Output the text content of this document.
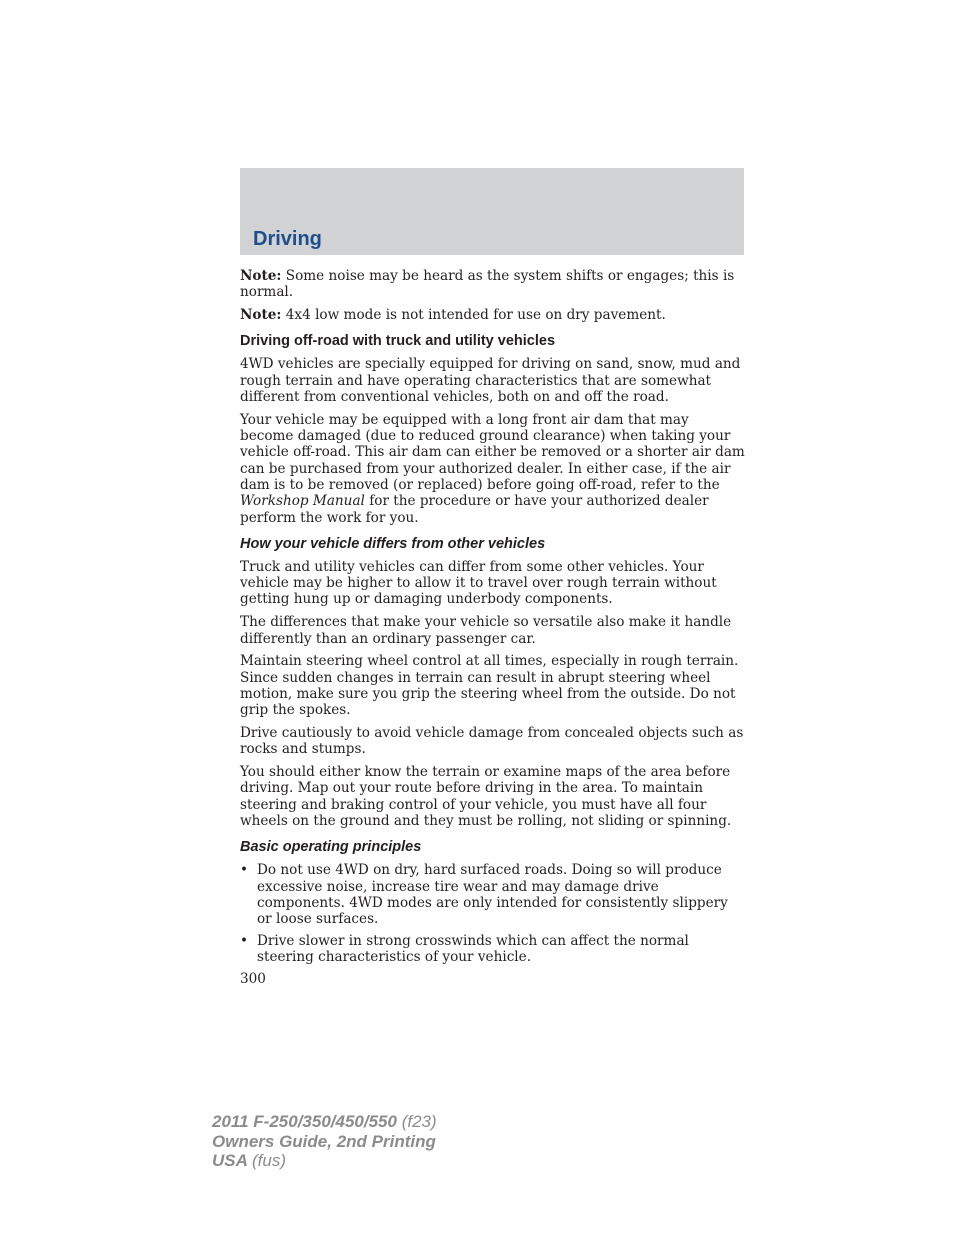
Driving

Note: Some noise may be heard as the system shifts or engages; this is normal.

Note: 4x4 low mode is not intended for use on dry pavement.

Driving off-road with truck and utility vehicles

4WD vehicles are specially equipped for driving on sand, snow, mud and rough terrain and have operating characteristics that are somewhat different from conventional vehicles, both on and off the road.

Your vehicle may be equipped with a long front air dam that may become damaged (due to reduced ground clearance) when taking your vehicle off-road. This air dam can either be removed or a shorter air dam can be purchased from your authorized dealer. In either case, if the air dam is to be removed (or replaced) before going off-road, refer to the Workshop Manual for the procedure or have your authorized dealer perform the work for you.

How your vehicle differs from other vehicles

Truck and utility vehicles can differ from some other vehicles. Your vehicle may be higher to allow it to travel over rough terrain without getting hung up or damaging underbody components.

The differences that make your vehicle so versatile also make it handle differently than an ordinary passenger car.

Maintain steering wheel control at all times, especially in rough terrain. Since sudden changes in terrain can result in abrupt steering wheel motion, make sure you grip the steering wheel from the outside. Do not grip the spokes.

Drive cautiously to avoid vehicle damage from concealed objects such as rocks and stumps.

You should either know the terrain or examine maps of the area before driving. Map out your route before driving in the area. To maintain steering and braking control of your vehicle, you must have all four wheels on the ground and they must be rolling, not sliding or spinning.

Basic operating principles
• Do not use 4WD on dry, hard surfaced roads. Doing so will produce excessive noise, increase tire wear and may damage drive components. 4WD modes are only intended for consistently slippery or loose surfaces.
• Drive slower in strong crosswinds which can affect the normal steering characteristics of your vehicle.
300
2011 F-250/350/450/550 (f23)
Owners Guide, 2nd Printing
USA (fus)
